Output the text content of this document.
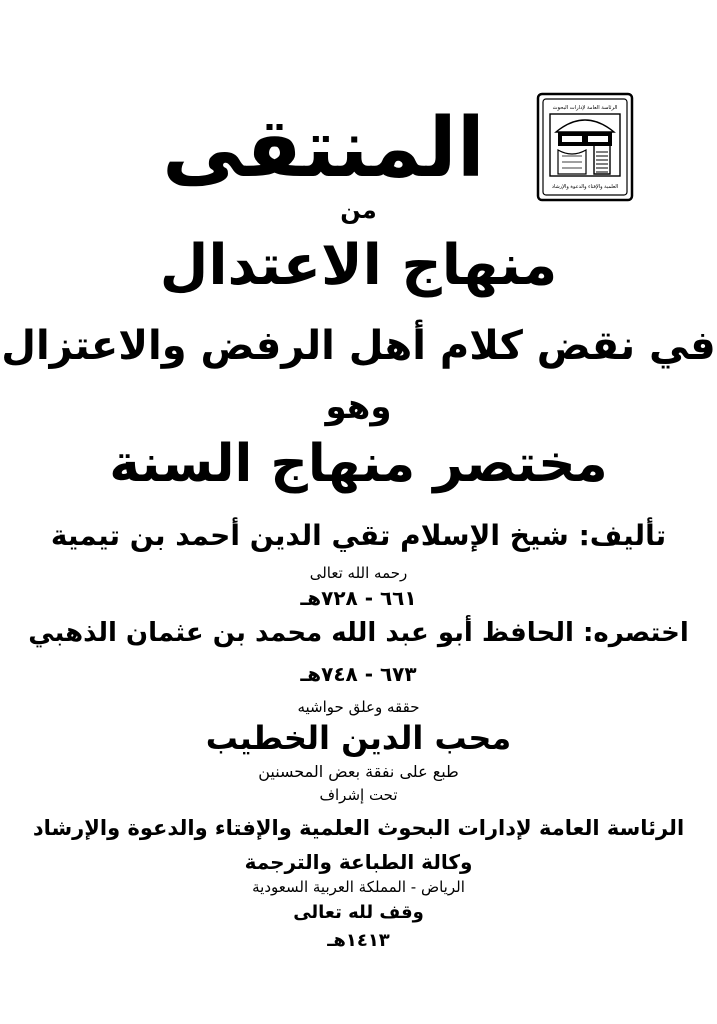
الرئاسة العامة لإدارات البحوث
العلمية والإفتاء والدعوة والإرشاد
المنتقى
من
منهاج الاعتدال
في نقض كلام أهل الرفض والاعتزال
وهو
مختصر منهاج السنة
تأليف: شيخ الإسلام تقي الدين أحمد بن تيمية
رحمه الله تعالى
٦٦١ - ٧٢٨هـ
اختصره: الحافظ أبو عبد الله محمد بن عثمان الذهبي
٦٧٣ - ٧٤٨هـ
حققه وعلق حواشيه
محب الدين الخطيب
طبع على نفقة بعض المحسنين
تحت إشراف
الرئاسة العامة لإدارات البحوث العلمية والإفتاء والدعوة والإرشاد
وكالة الطباعة والترجمة
الرياض - المملكة العربية السعودية
وقف لله تعالى
١٤١٣هـ
